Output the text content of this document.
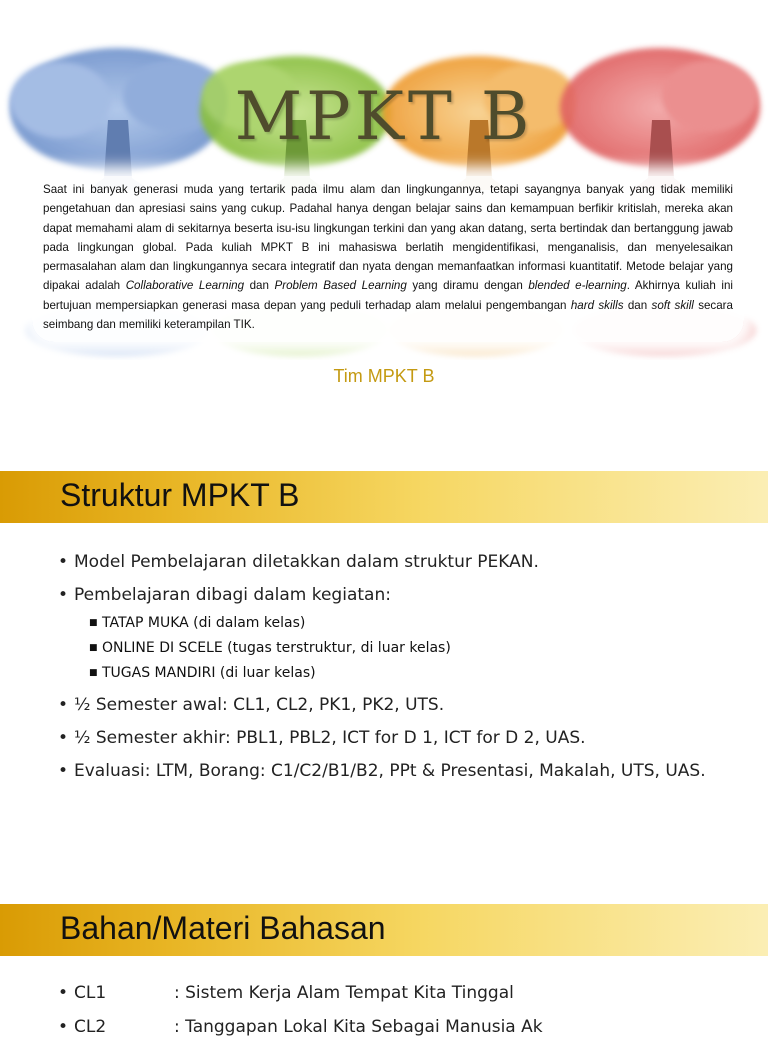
MPKT B
Saat ini banyak generasi muda yang tertarik pada ilmu alam dan lingkungannya, tetapi sayangnya banyak yang tidak memiliki pengetahuan dan apresiasi sains yang cukup. Padahal hanya dengan belajar sains dan kemampuan berfikir kritislah, mereka akan dapat memahami alam di sekitarnya beserta isu-isu lingkungan terkini dan yang akan datang, serta bertindak dan bertanggung jawab pada lingkungan global. Pada kuliah MPKT B ini mahasiswa berlatih mengidentifikasi, menganalisis, dan menyelesaikan permasalahan alam dan lingkungannya secara integratif dan nyata dengan memanfaatkan informasi kuantitatif. Metode belajar yang dipakai adalah Collaborative Learning dan Problem Based Learning yang diramu dengan blended e-learning. Akhirnya kuliah ini bertujuan mempersiapkan generasi masa depan yang peduli terhadap alam melalui pengembangan hard skills dan soft skill secara seimbang dan memiliki keterampilan TIK.
Tim MPKT B
Struktur MPKT B
• Model Pembelajaran diletakkan dalam struktur PEKAN.
• Pembelajaran dibagi dalam kegiatan:
■ TATAP MUKA (di dalam kelas)
■ ONLINE DI SCELE (tugas terstruktur, di luar kelas)
■ TUGAS MANDIRI (di luar kelas)
• ½ Semester awal: CL1, CL2, PK1, PK2, UTS.
• ½ Semester akhir: PBL1, PBL2, ICT for D 1, ICT for D 2, UAS.
• Evaluasi: LTM, Borang: C1/C2/B1/B2, PPt & Presentasi, Makalah, UTS, UAS.
Bahan/Materi Bahasan
• CL1	: Sistem Kerja Alam Tempat Kita Tinggal
• CL2	: Tanggapan Lokal Kita Sebagai Manusia Ak
